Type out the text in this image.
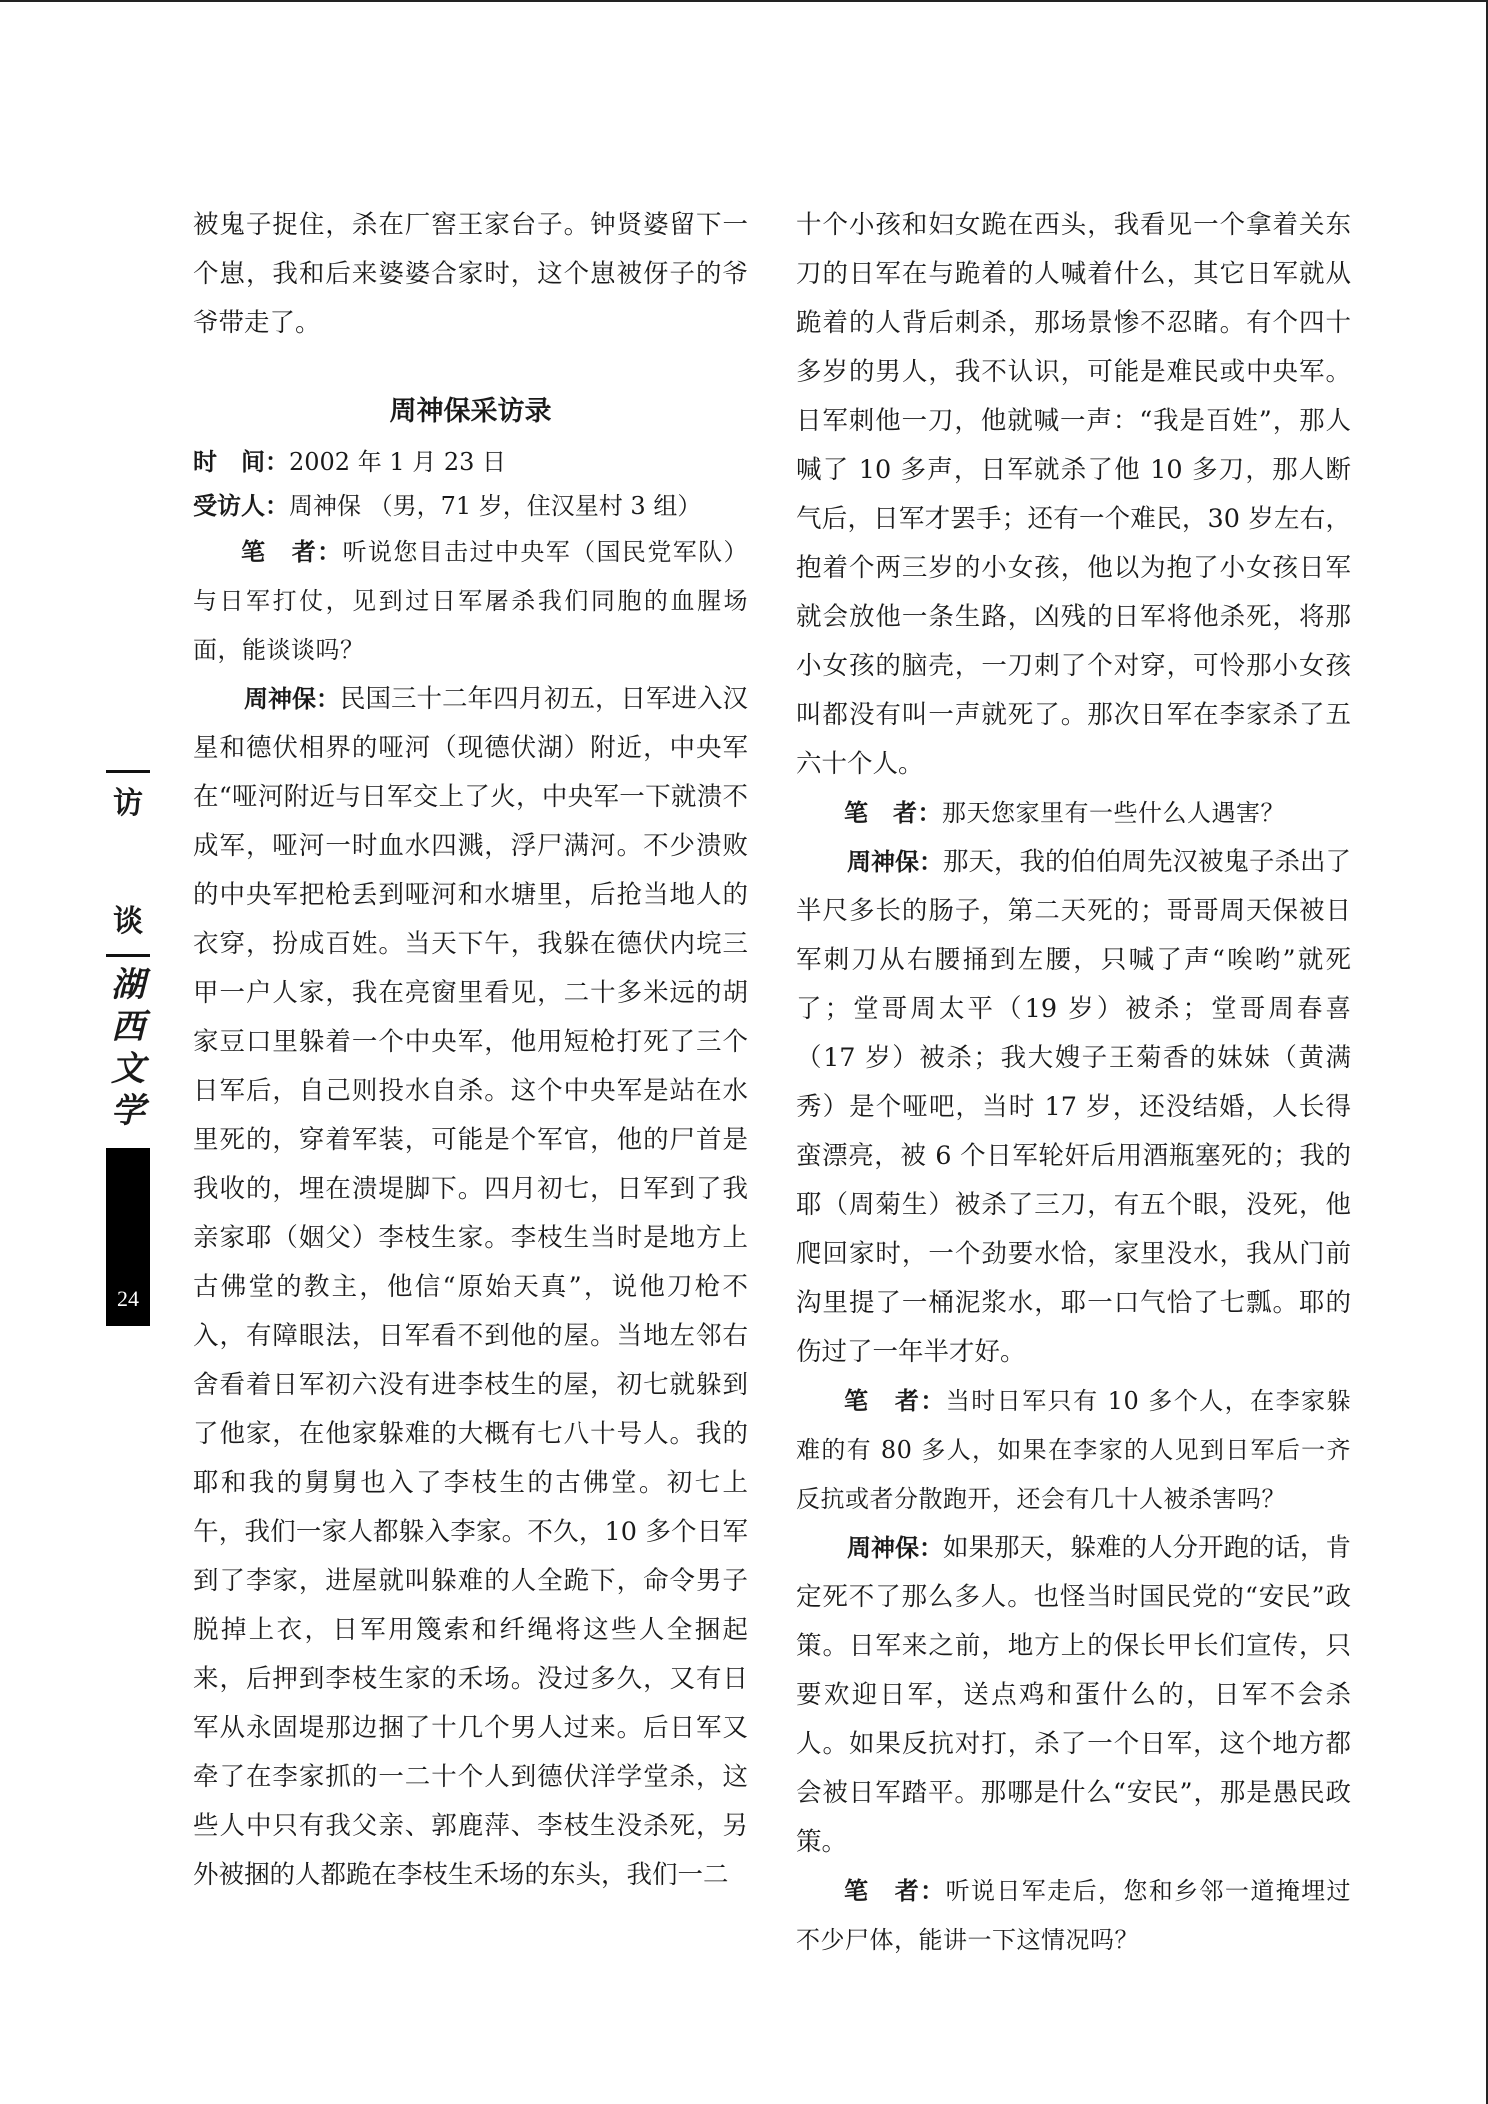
被鬼子捉住，杀在厂窖王家台子。钟贤婆留下一个崽，我和后来婆婆合家时，这个崽被伢子的爷爷带走了。

周神保采访录
时　间：2002 年 1 月 23 日
受访人：周神保 （男，71 岁，住汉星村 3 组）

笔　者：听说您目击过中央军（国民党军队）与日军打仗，见到过日军屠杀我们同胞的血腥场面，能谈谈吗？

周神保：民国三十二年四月初五，日军进入汉星和德伏相界的哑河（现德伏湖）附近，中央军在“哑河附近与日军交上了火，中央军一下就溃不成军，哑河一时血水四溅，浮尸满河。不少溃败的中央军把枪丢到哑河和水塘里，后抢当地人的衣穿，扮成百姓。当天下午，我躲在德伏内垸三甲一户人家，我在亮窗里看见，二十多米远的胡家豆口里躲着一个中央军，他用短枪打死了三个日军后，自己则投水自杀。这个中央军是站在水里死的，穿着军装，可能是个军官，他的尸首是我收的，埋在溃堤脚下。四月初七，日军到了我亲家耶（姻父）李枝生家。李枝生当时是地方上古佛堂的教主，他信“原始天真”，说他刀枪不入，有障眼法，日军看不到他的屋。当地左邻右舍看着日军初六没有进李枝生的屋，初七就躲到了他家，在他家躲难的大概有七八十号人。我的耶和我的舅舅也入了李枝生的古佛堂。初七上午，我们一家人都躲入李家。不久，10 多个日军到了李家，进屋就叫躲难的人全跪下，命令男子脱掉上衣，日军用篾索和纤绳将这些人全捆起来，后押到李枝生家的禾场。没过多久，又有日军从永固堤那边捆了十几个男人过来。后日军又牵了在李家抓的一二十个人到德伏洋学堂杀，这些人中只有我父亲、郭鹿萍、李枝生没杀死，另外被捆的人都跪在李枝生禾场的东头，我们一二

十个小孩和妇女跪在西头，我看见一个拿着关东刀的日军在与跪着的人喊着什么，其它日军就从跪着的人背后刺杀，那场景惨不忍睹。有个四十多岁的男人，我不认识，可能是难民或中央军。日军刺他一刀，他就喊一声：“我是百姓”，那人喊了 10 多声，日军就杀了他 10 多刀，那人断气后，日军才罢手；还有一个难民，30 岁左右，抱着个两三岁的小女孩，他以为抱了小女孩日军就会放他一条生路，凶残的日军将他杀死，将那小女孩的脑壳，一刀刺了个对穿，可怜那小女孩叫都没有叫一声就死了。那次日军在李家杀了五六十个人。

笔　者：那天您家里有一些什么人遇害？

周神保：那天，我的伯伯周先汉被鬼子杀出了半尺多长的肠子，第二天死的；哥哥周天保被日军刺刀从右腰捅到左腰，只喊了声“唉哟”就死了；堂哥周太平（19 岁）被杀；堂哥周春喜（17 岁）被杀；我大嫂子王菊香的妹妹（黄满秀）是个哑吧，当时 17 岁，还没结婚，人长得蛮漂亮，被 6 个日军轮奸后用酒瓶塞死的；我的耶（周菊生）被杀了三刀，有五个眼，没死，他爬回家时，一个劲要水恰，家里没水，我从门前沟里提了一桶泥浆水，耶一口气恰了七瓢。耶的伤过了一年半才好。

笔　者：当时日军只有 10 多个人，在李家躲难的有 80 多人，如果在李家的人见到日军后一齐反抗或者分散跑开，还会有几十人被杀害吗？

周神保：如果那天，躲难的人分开跑的话，肯定死不了那么多人。也怪当时国民党的“安民”政策。日军来之前，地方上的保长甲长们宣传，只要欢迎日军，送点鸡和蛋什么的，日军不会杀人。如果反抗对打，杀了一个日军，这个地方都会被日军踏平。那哪是什么“安民”，那是愚民政策。

笔　者：听说日军走后，您和乡邻一道掩埋过不少尸体，能讲一下这情况吗？

访
谈
湖
西
文
学
24
